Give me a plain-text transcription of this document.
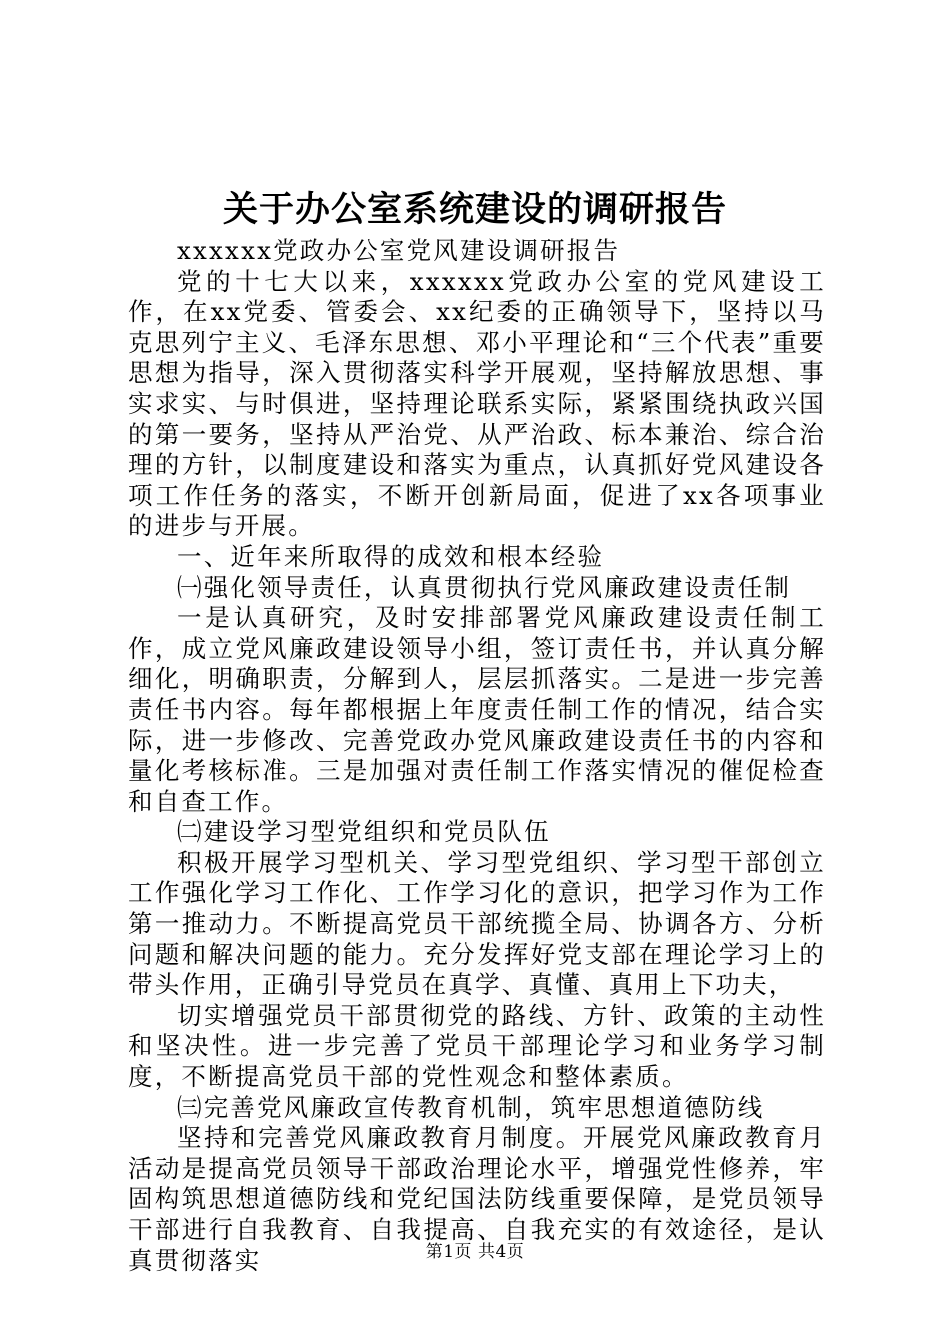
关于办公室系统建设的调研报告

xxxxxx党政办公室党风建设调研报告

党的十七大以来，xxxxxx党政办公室的党风建设工作，在xx党委、管委会、xx纪委的正确领导下，坚持以马克思列宁主义、毛泽东思想、邓小平理论和“三个代表”重要思想为指导，深入贯彻落实科学开展观，坚持解放思想、事实求实、与时俱进，坚持理论联系实际，紧紧围绕执政兴国的第一要务，坚持从严治党、从严治政、标本兼治、综合治理的方针，以制度建设和落实为重点，认真抓好党风建设各项工作任务的落实，不断开创新局面，促进了xx各项事业的进步与开展。

一、近年来所取得的成效和根本经验

㈠强化领导责任，认真贯彻执行党风廉政建设责任制

一是认真研究，及时安排部署党风廉政建设责任制工作，成立党风廉政建设领导小组，签订责任书，并认真分解细化，明确职责，分解到人，层层抓落实。二是进一步完善责任书内容。每年都根据上年度责任制工作的情况，结合实际，进一步修改、完善党政办党风廉政建设责任书的内容和量化考核标准。三是加强对责任制工作落实情况的催促检查和自查工作。

㈡建设学习型党组织和党员队伍

积极开展学习型机关、学习型党组织、学习型干部创立工作强化学习工作化、工作学习化的意识，把学习作为工作第一推动力。不断提高党员干部统揽全局、协调各方、分析问题和解决问题的能力。充分发挥好党支部在理论学习上的带头作用，正确引导党员在真学、真懂、真用上下功夫，

切实增强党员干部贯彻党的路线、方针、政策的主动性和坚决性。进一步完善了党员干部理论学习和业务学习制度，不断提高党员干部的党性观念和整体素质。

㈢完善党风廉政宣传教育机制，筑牢思想道德防线

坚持和完善党风廉政教育月制度。开展党风廉政教育月活动是提高党员领导干部政治理论水平，增强党性修养，牢固构筑思想道德防线和党纪国法防线重要保障，是党员领导干部进行自我教育、自我提高、自我充实的有效途径，是认真贯彻落实	第1页 共4页
